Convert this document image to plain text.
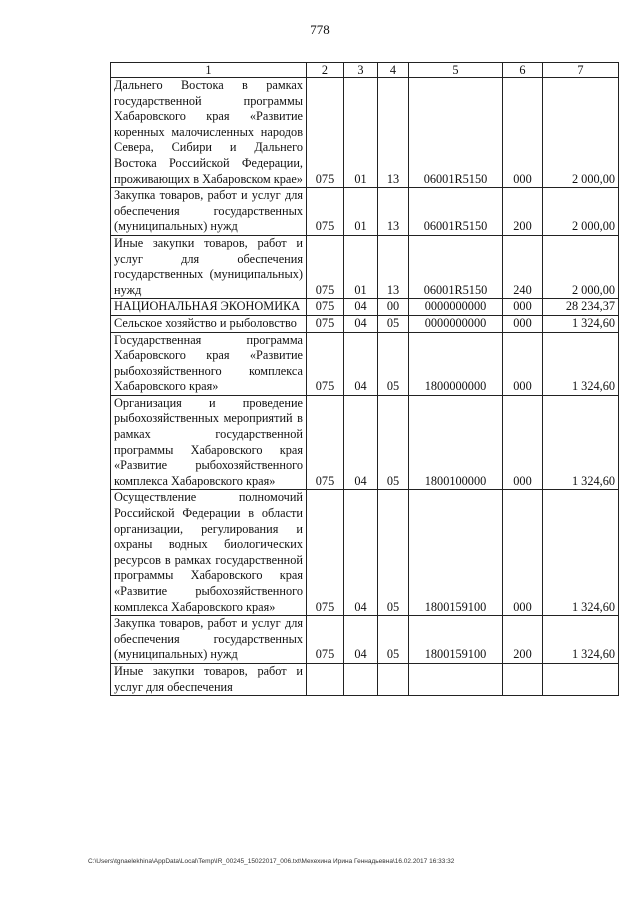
778
1	2	3	4	5	6	7
Дальнего Востока в рамках государственной программы Хабаровского края «Развитие коренных малочисленных народов Севера, Сибири и Дальнего Востока Российской Федерации, проживающих в Хабаровском крае»	075	01	13	06001R5150	000	2 000,00
Закупка товаров, работ и услуг для обеспечения государственных (муниципальных) нужд	075	01	13	06001R5150	200	2 000,00
Иные закупки товаров, работ и услуг для обеспечения государственных (муниципальных) нужд	075	01	13	06001R5150	240	2 000,00
НАЦИОНАЛЬНАЯ ЭКОНОМИКА	075	04	00	0000000000	000	28 234,37
Сельское хозяйство и рыболовство	075	04	05	0000000000	000	1 324,60
Государственная программа Хабаровского края «Развитие рыбохозяйственного комплекса Хабаровского края»	075	04	05	1800000000	000	1 324,60
Организация и проведение рыбохозяйственных мероприятий в рамках государственной программы Хабаровского края «Развитие рыбохозяйственного комплекса Хабаровского края»	075	04	05	1800100000	000	1 324,60
Осуществление полномочий Российской Федерации в области организации, регулирования и охраны водных биологических ресурсов в рамках государственной программы Хабаровского края «Развитие рыбохозяйственного комплекса Хабаровского края»	075	04	05	1800159100	000	1 324,60
Закупка товаров, работ и услуг для обеспечения государственных (муниципальных) нужд	075	04	05	1800159100	200	1 324,60
Иные закупки товаров, работ и услуг для обеспечения						
C:\Users\tgnaelekhina\AppData\Local\Temp\IR_00245_15022017_006.txt\Мехехина Ирина Геннадьевна\16.02.2017 16:33:32
